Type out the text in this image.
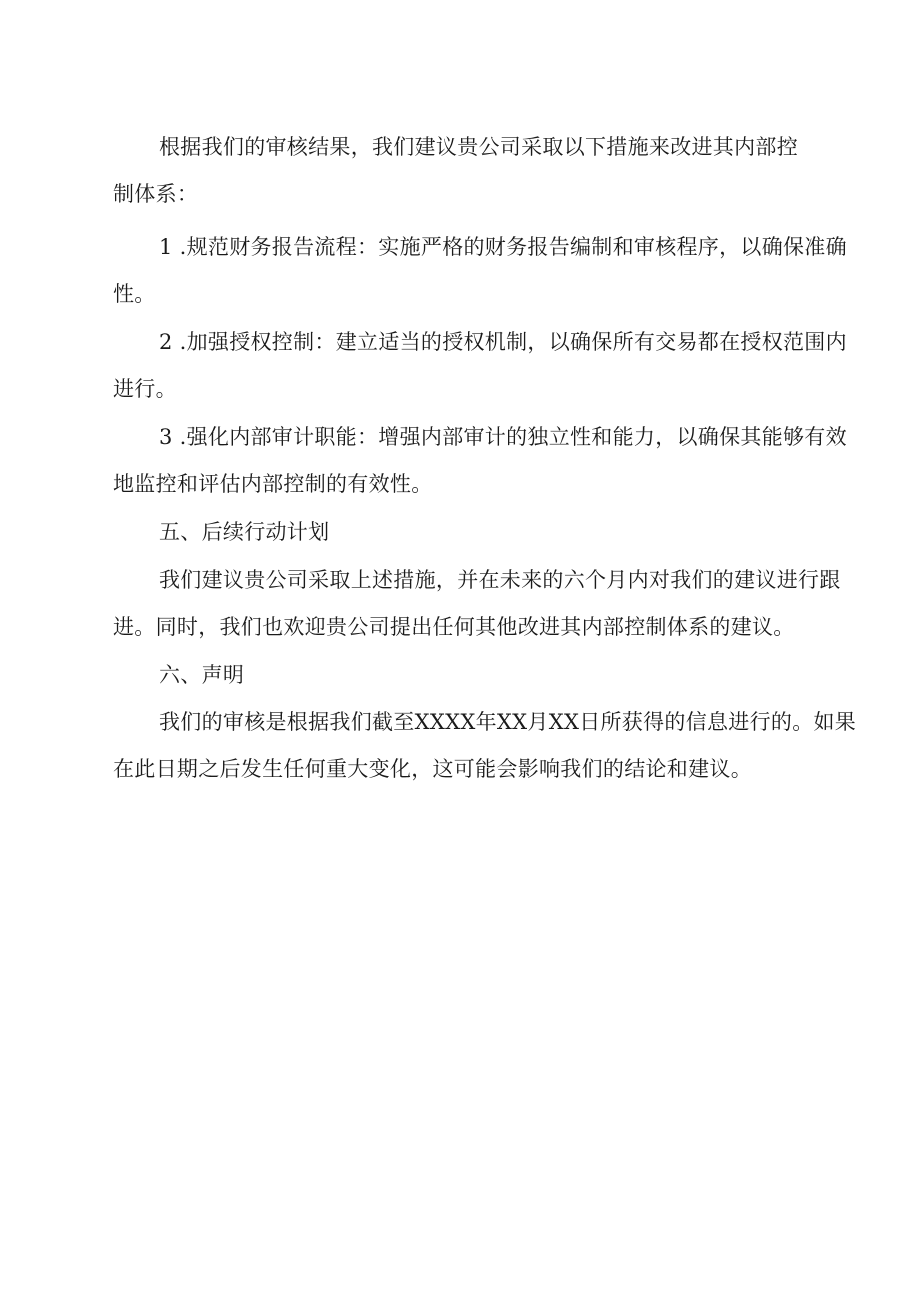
根据我们的审核结果，我们建议贵公司采取以下措施来改进其内部控
制体系：
1 .规范财务报告流程：实施严格的财务报告编制和审核程序，以确保准确
性。
2 .加强授权控制：建立适当的授权机制，以确保所有交易都在授权范围内
进行。
3 .强化内部审计职能：增强内部审计的独立性和能力，以确保其能够有效
地监控和评估内部控制的有效性。
五、后续行动计划
我们建议贵公司采取上述措施，并在未来的六个月内对我们的建议进行跟
进。同时，我们也欢迎贵公司提出任何其他改进其内部控制体系的建议。
六、声明
我们的审核是根据我们截至XXXX年XX月XX日所获得的信息进行的。如果
在此日期之后发生任何重大变化，这可能会影响我们的结论和建议。
